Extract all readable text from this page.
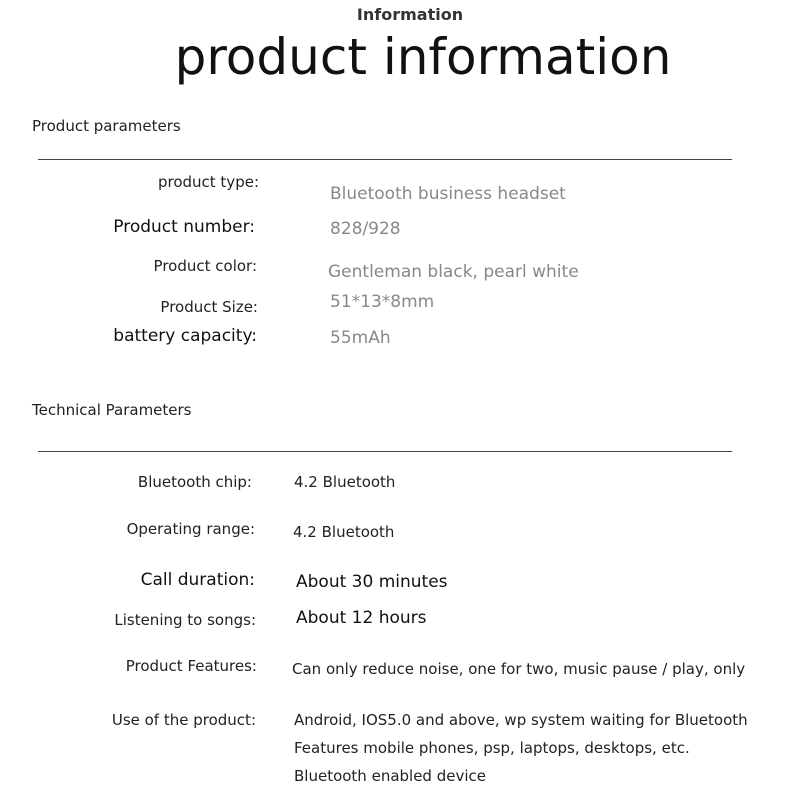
Information
product information
Product parameters
product type:
Bluetooth business headset
Product number:	828/928
Product color:	Gentleman black, pearl white
Product Size:	51*13*8mm
battery capacity:	55mAh
Technical Parameters
Bluetooth chip:	4.2 Bluetooth
Operating range:	4.2 Bluetooth
Call duration: About 30 minutes
Listening to songs: About 12 hours
Product Features: Can only reduce noise, one for two, music pause / play, only
Use of the product:	Android, IOS5.0 and above, wp system waiting for Bluetooth
Features mobile phones, psp, laptops, desktops, etc.
Bluetooth enabled device
